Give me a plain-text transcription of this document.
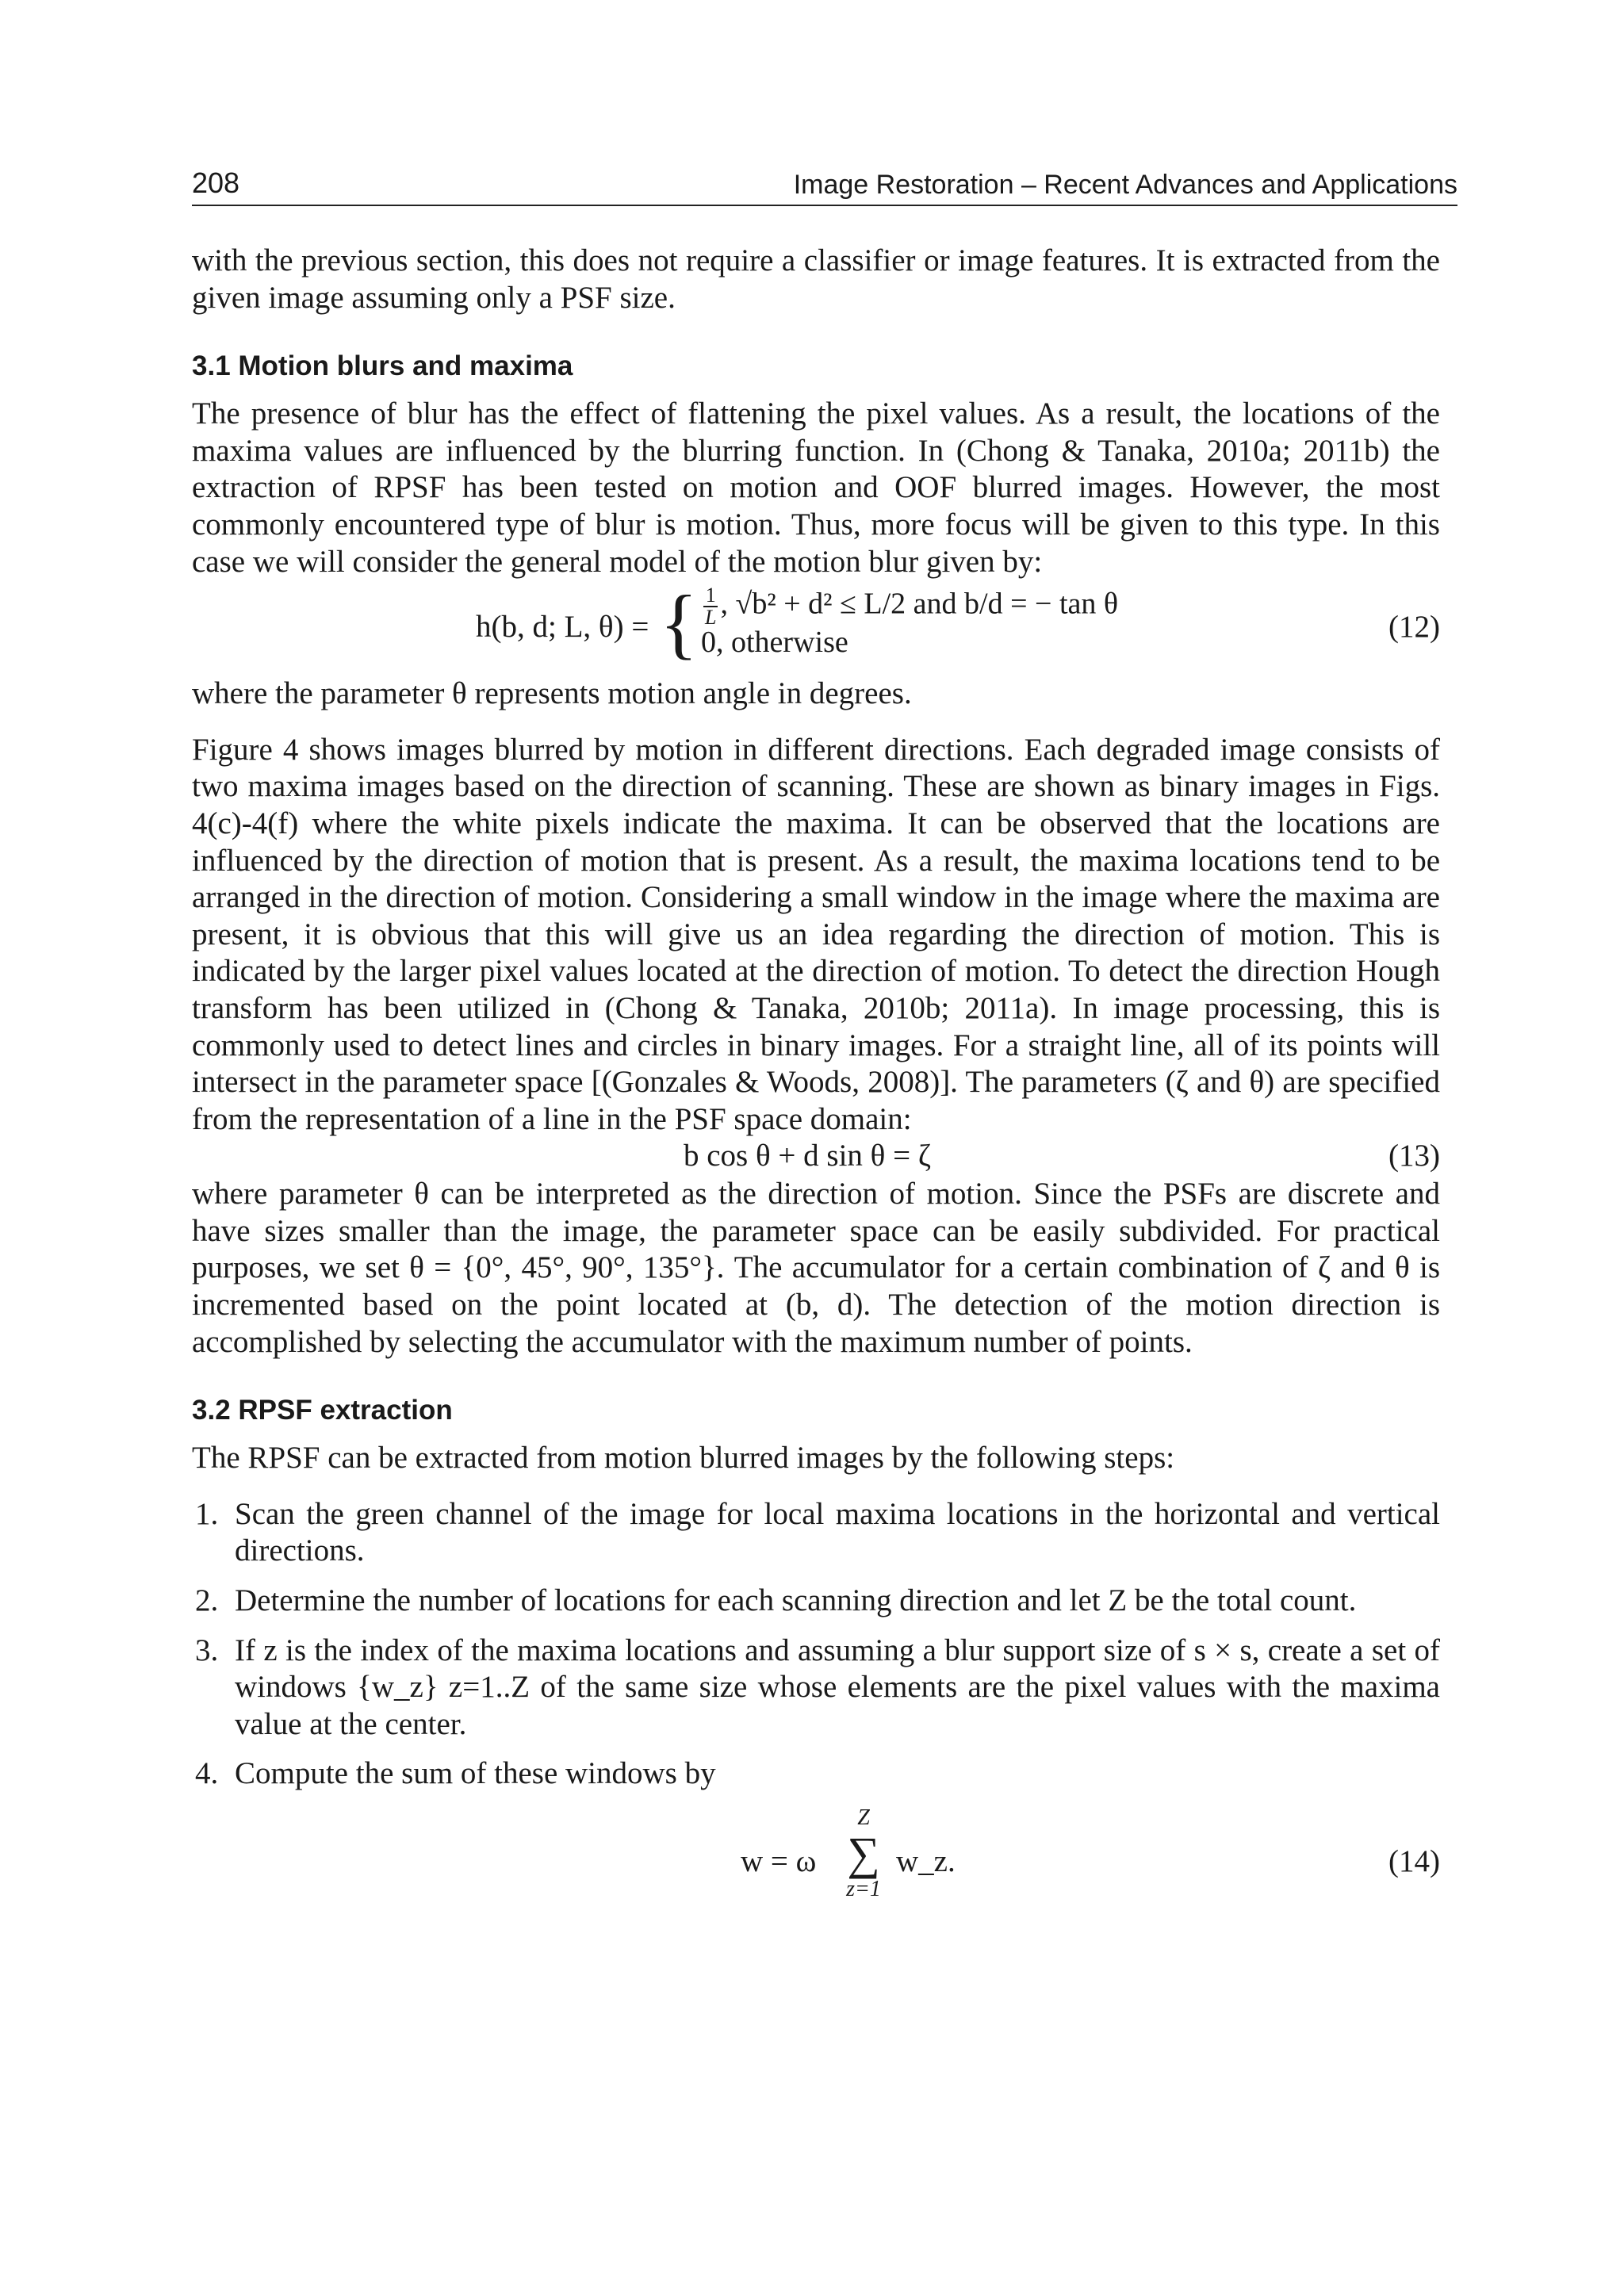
208	Image Restoration – Recent Advances and Applications

with the previous section, this does not require a classifier or image features. It is extracted from the given image assuming only a PSF size.

3.1 Motion blurs and maxima

The presence of blur has the effect of flattening the pixel values. As a result, the locations of the maxima values are influenced by the blurring function. In (Chong & Tanaka, 2010a; 2011b) the extraction of RPSF has been tested on motion and OOF blurred images. However, the most commonly encountered type of blur is motion. Thus, more focus will be given to this type. In this case we will consider the general model of the motion blur given by:

h(b, d; L, θ) = { $\frac{1}{L}$ , √b² + d² ≤ L/2 and b/d = − tan θ
0, otherwise	(12)

where the parameter θ represents motion angle in degrees.

Figure 4 shows images blurred by motion in different directions. Each degraded image consists of two maxima images based on the direction of scanning. These are shown as binary images in Figs. 4(c)-4(f) where the white pixels indicate the maxima. It can be observed that the locations are influenced by the direction of motion that is present. As a result, the maxima locations tend to be arranged in the direction of motion. Considering a small window in the image where the maxima are present, it is obvious that this will give us an idea regarding the direction of motion. This is indicated by the larger pixel values located at the direction of motion. To detect the direction Hough transform has been utilized in (Chong & Tanaka, 2010b; 2011a). In image processing, this is commonly used to detect lines and circles in binary images. For a straight line, all of its points will intersect in the parameter space [(Gonzales & Woods, 2008)]. The parameters (ζ and θ) are specified from the representation of a line in the PSF space domain:

b cos θ + d sin θ = ζ	(13)

where parameter θ can be interpreted as the direction of motion. Since the PSFs are discrete and have sizes smaller than the image, the parameter space can be easily subdivided. For practical purposes, we set θ = {0°, 45°, 90°, 135°}. The accumulator for a certain combination of ζ and θ is incremented based on the point located at (b, d). The detection of the motion direction is accomplished by selecting the accumulator with the maximum number of points.

3.2 RPSF extraction

The RPSF can be extracted from motion blurred images by the following steps:

1. Scan the green channel of the image for local maxima locations in the horizontal and vertical directions.
2. Determine the number of locations for each scanning direction and let Z be the total count.
3. If z is the index of the maxima locations and assuming a blur support size of s × s, create a set of windows {w_z} z=1..Z of the same size whose elements are the pixel values with the maxima value at the center.
4. Compute the sum of these windows by
w = ω
Z
∑
z=1
w_z.	(14)
